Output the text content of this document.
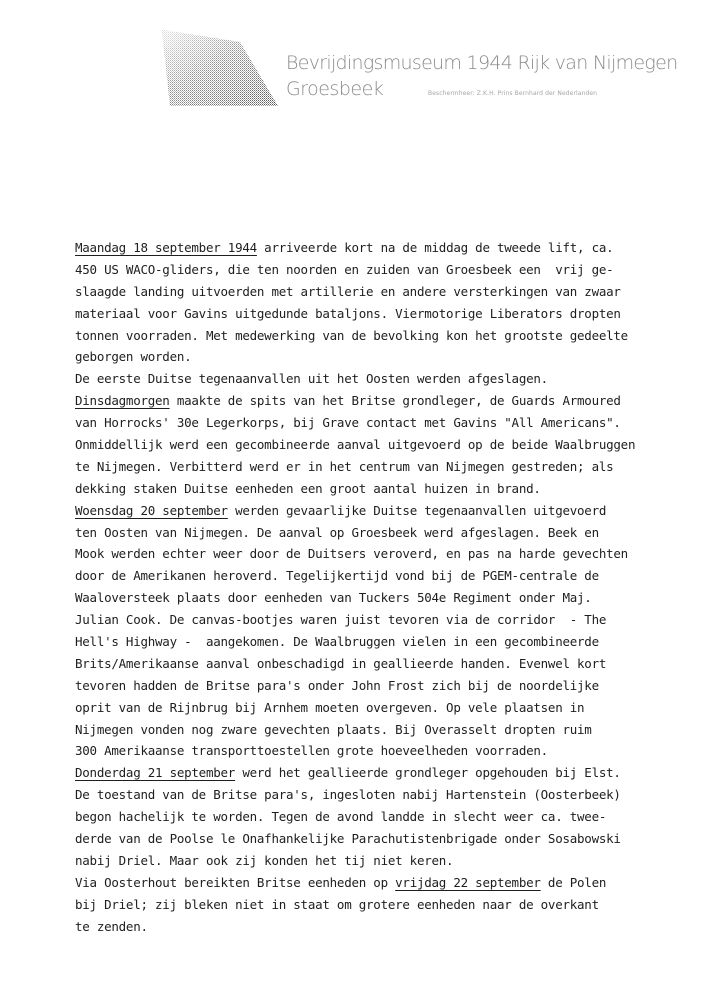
Bevrijdingsmuseum 1944 Rijk van Nijmegen
Groesbeek	Beschermheer: Z.K.H. Prins Bernhard der Nederlanden
Maandag 18 september 1944 arriveerde kort na de middag de tweede lift, ca.
450 US WACO-gliders, die ten noorden en zuiden van Groesbeek een  vrij ge-
slaagde landing uitvoerden met artillerie en andere versterkingen van zwaar
materiaal voor Gavins uitgedunde bataljons. Viermotorige Liberators dropten
tonnen voorraden. Met medewerking van de bevolking kon het grootste gedeelte
geborgen worden.
De eerste Duitse tegenaanvallen uit het Oosten werden afgeslagen.
Dinsdagmorgen maakte de spits van het Britse grondleger, de Guards Armoured
van Horrocks' 30e Legerkorps, bij Grave contact met Gavins "All Americans".
Onmiddellijk werd een gecombineerde aanval uitgevoerd op de beide Waalbruggen
te Nijmegen. Verbitterd werd er in het centrum van Nijmegen gestreden; als
dekking staken Duitse eenheden een groot aantal huizen in brand.
Woensdag 20 september werden gevaarlijke Duitse tegenaanvallen uitgevoerd
ten Oosten van Nijmegen. De aanval op Groesbeek werd afgeslagen. Beek en
Mook werden echter weer door de Duitsers veroverd, en pas na harde gevechten
door de Amerikanen heroverd. Tegelijkertijd vond bij de PGEM-centrale de
Waaloversteek plaats door eenheden van Tuckers 504e Regiment onder Maj.
Julian Cook. De canvas-bootjes waren juist tevoren via de corridor  - The
Hell's Highway -  aangekomen. De Waalbruggen vielen in een gecombineerde
Brits/Amerikaanse aanval onbeschadigd in geallieerde handen. Evenwel kort
tevoren hadden de Britse para's onder John Frost zich bij de noordelijke
oprit van de Rijnbrug bij Arnhem moeten overgeven. Op vele plaatsen in
Nijmegen vonden nog zware gevechten plaats. Bij Overasselt dropten ruim
300 Amerikaanse transporttoestellen grote hoeveelheden voorraden.
Donderdag 21 september werd het geallieerde grondleger opgehouden bij Elst.
De toestand van de Britse para's, ingesloten nabij Hartenstein (Oosterbeek)
begon hachelijk te worden. Tegen de avond landde in slecht weer ca. twee-
derde van de Poolse le Onafhankelijke Parachutistenbrigade onder Sosabowski
nabij Driel. Maar ook zij konden het tij niet keren.
Via Oosterhout bereikten Britse eenheden op vrijdag 22 september de Polen
bij Driel; zij bleken niet in staat om grotere eenheden naar de overkant
te zenden.
